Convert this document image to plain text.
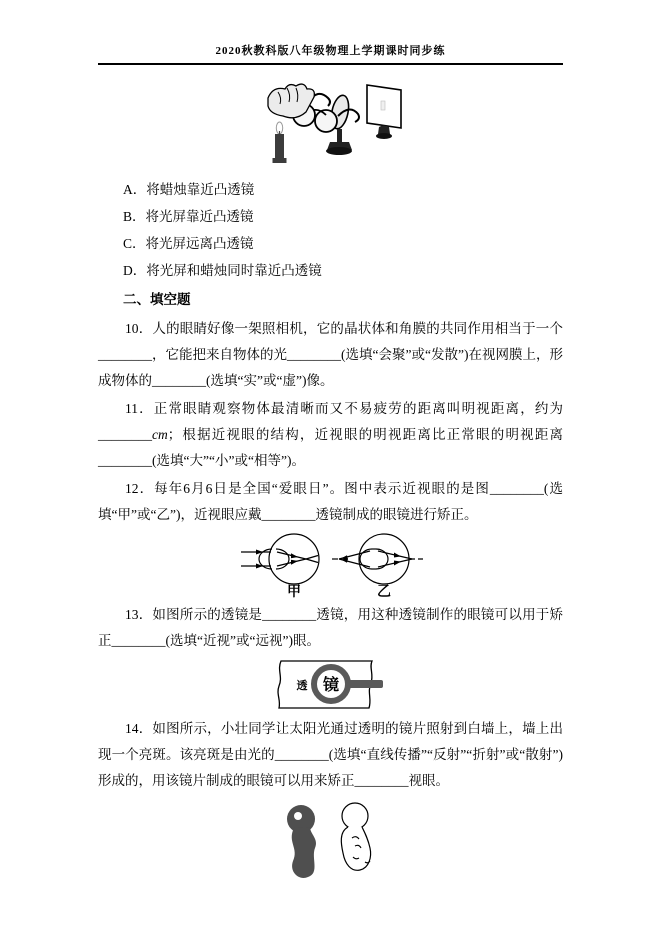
2020秋教科版八年级物理上学期课时同步练
A．将蜡烛靠近凸透镜
B．将光屏靠近凸透镜
C．将光屏远离凸透镜
D．将光屏和蜡烛同时靠近凸透镜
二、填空题

10．人的眼睛好像一架照相机，它的晶状体和角膜的共同作用相当于一个________，它能把来自物体的光________(选填“会聚”或“发散”)在视网膜上，形成物体的________(选填“实”或“虚”)像。

11．正常眼睛观察物体最清晰而又不易疲劳的距离叫明视距离，约为________cm；根据近视眼的结构，近视眼的明视距离比正常眼的明视距离________(选填“大”“小”或“相等”)。

12．每年6月6日是全国“爱眼日”。图中表示近视眼的是图________(选填“甲”或“乙”)，近视眼应戴________透镜制成的眼镜进行矫正。

甲	乙

13．如图所示的透镜是________透镜，用这种透镜制作的眼镜可以用于矫正________(选填“近视”或“远视”)眼。

透 镜

14．如图所示，小壮同学让太阳光通过透明的镜片照射到白墙上，墙上出现一个亮斑。该亮斑是由光的________(选填“直线传播”“反射”“折射”或“散射”)形成的，用该镜片制成的眼镜可以用来矫正________视眼。
